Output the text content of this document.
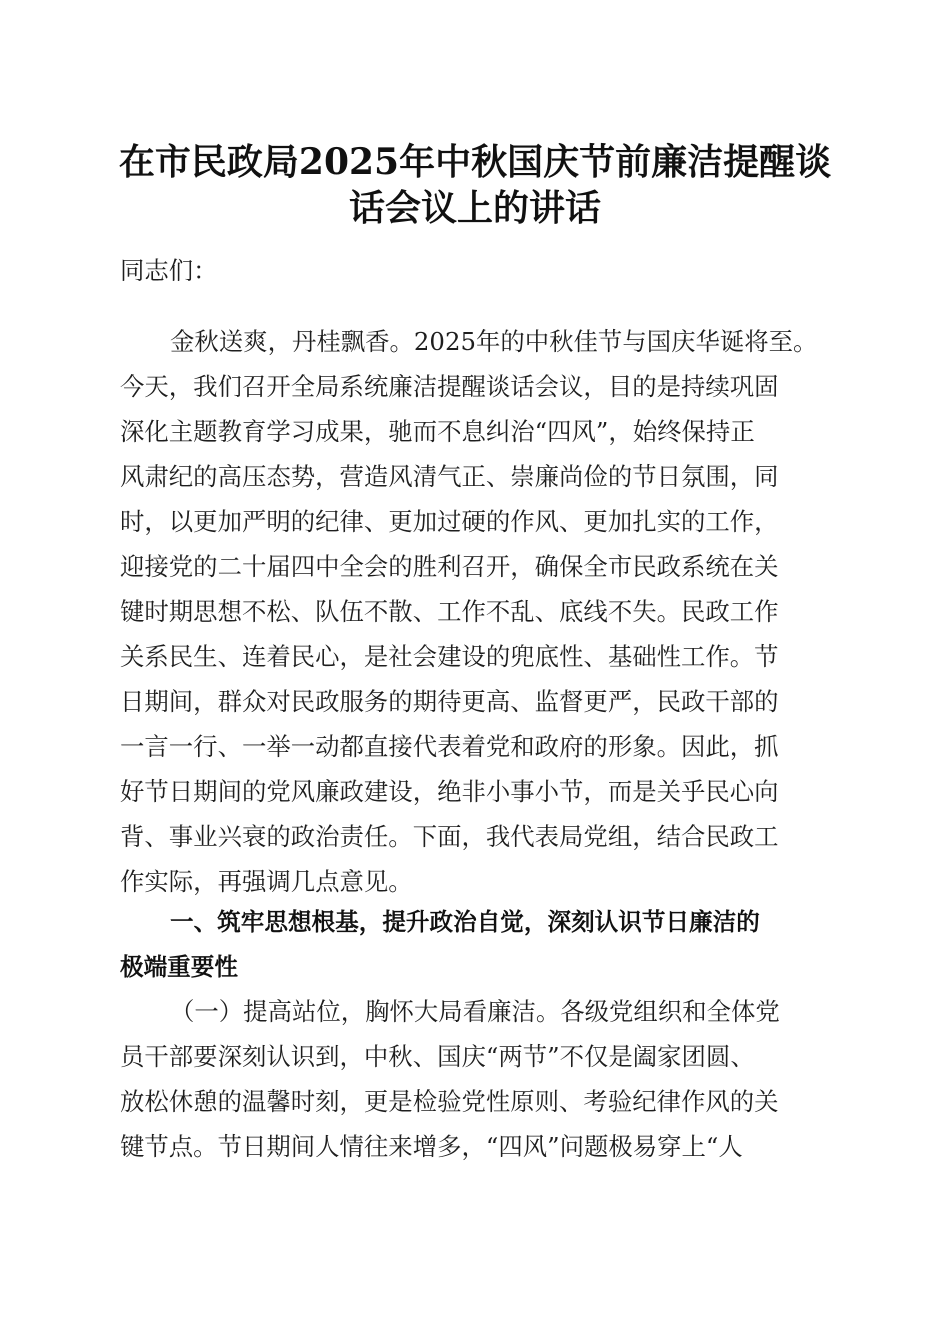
在市民政局2025年中秋国庆节前廉洁提醒谈
话会议上的讲话
同志们：
金秋送爽，丹桂飘香。2025年的中秋佳节与国庆华诞将至。
今天，我们召开全局系统廉洁提醒谈话会议，目的是持续巩固
深化主题教育学习成果，驰而不息纠治“四风”，始终保持正
风肃纪的高压态势，营造风清气正、崇廉尚俭的节日氛围，同
时，以更加严明的纪律、更加过硬的作风、更加扎实的工作，
迎接党的二十届四中全会的胜利召开，确保全市民政系统在关
键时期思想不松、队伍不散、工作不乱、底线不失。民政工作
关系民生、连着民心，是社会建设的兜底性、基础性工作。节
日期间，群众对民政服务的期待更高、监督更严，民政干部的
一言一行、一举一动都直接代表着党和政府的形象。因此，抓
好节日期间的党风廉政建设，绝非小事小节，而是关乎民心向
背、事业兴衰的政治责任。下面，我代表局党组，结合民政工
作实际，再强调几点意见。
一、筑牢思想根基，提升政治自觉，深刻认识节日廉洁的
极端重要性
（一）提高站位，胸怀大局看廉洁。各级党组织和全体党
员干部要深刻认识到，中秋、国庆“两节”不仅是阖家团圆、
放松休憩的温馨时刻，更是检验党性原则、考验纪律作风的关
键节点。节日期间人情往来增多，“四风”问题极易穿上“人
